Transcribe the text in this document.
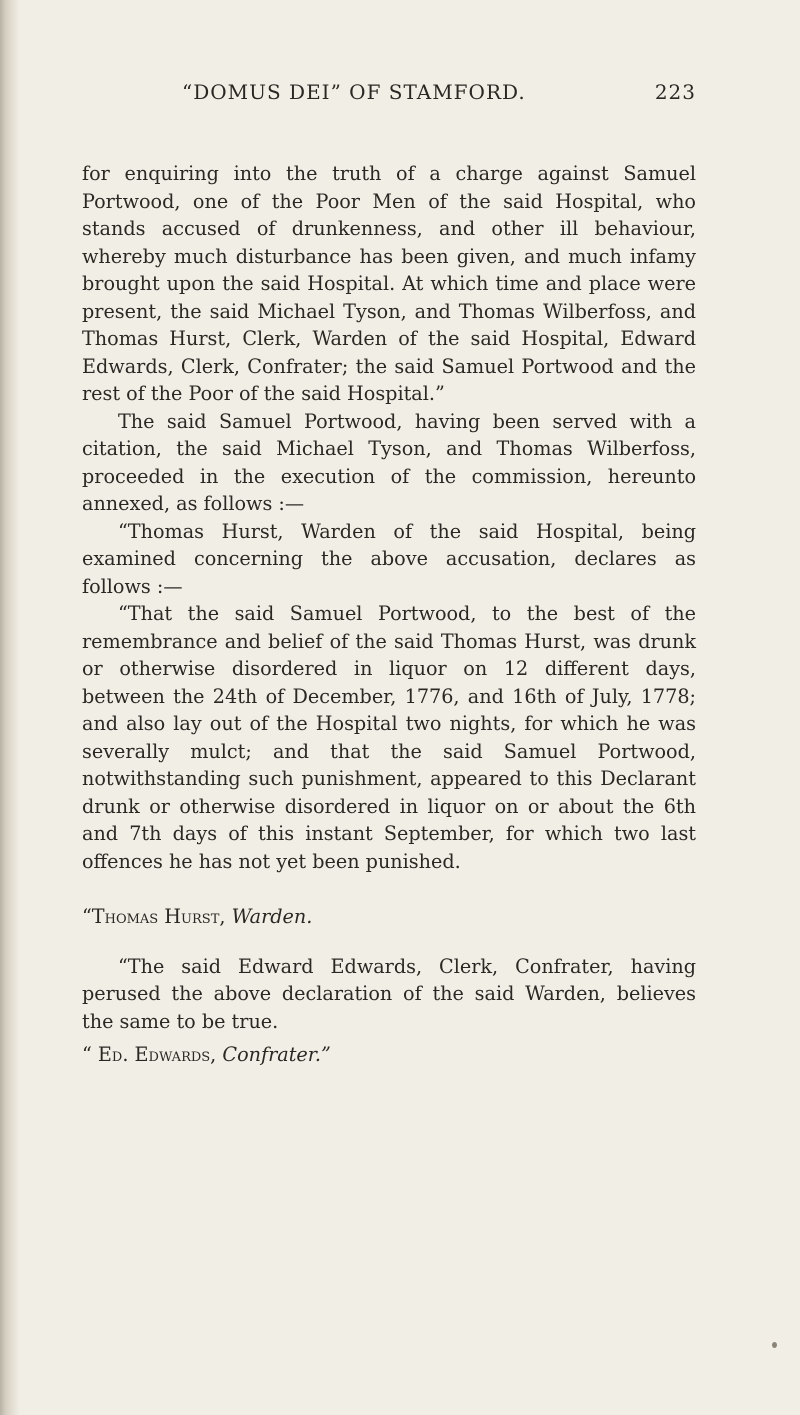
“DOMUS DEI” OF STAMFORD.	223

for enquiring into the truth of a charge against Samuel Portwood, one of the Poor Men of the said Hospital, who stands accused of drunkenness, and other ill behaviour, whereby much disturbance has been given, and much infamy brought upon the said Hospital. At which time and place were present, the said Michael Tyson, and Thomas Wilberfoss, and Thomas Hurst, Clerk, Warden of the said Hospital, Edward Edwards, Clerk, Confrater; the said Samuel Portwood and the rest of the Poor of the said Hospital.”

The said Samuel Portwood, having been served with a citation, the said Michael Tyson, and Thomas Wilberfoss, proceeded in the execution of the commission, hereunto annexed, as follows :—

“Thomas Hurst, Warden of the said Hospital, being examined concerning the above accusation, declares as follows :—

“That the said Samuel Portwood, to the best of the remembrance and belief of the said Thomas Hurst, was drunk or otherwise disordered in liquor on 12 different days, between the 24th of December, 1776, and 16th of July, 1778; and also lay out of the Hospital two nights, for which he was severally mulct; and that the said Samuel Portwood, notwithstanding such punishment, appeared to this Declarant drunk or otherwise disordered in liquor on or about the 6th and 7th days of this instant September, for which two last offences he has not yet been punished.

“Thomas Hurst, Warden.

“The said Edward Edwards, Clerk, Confrater, having perused the above declaration of the said Warden, believes the same to be true.

“ Ed. Edwards, Confrater.”
